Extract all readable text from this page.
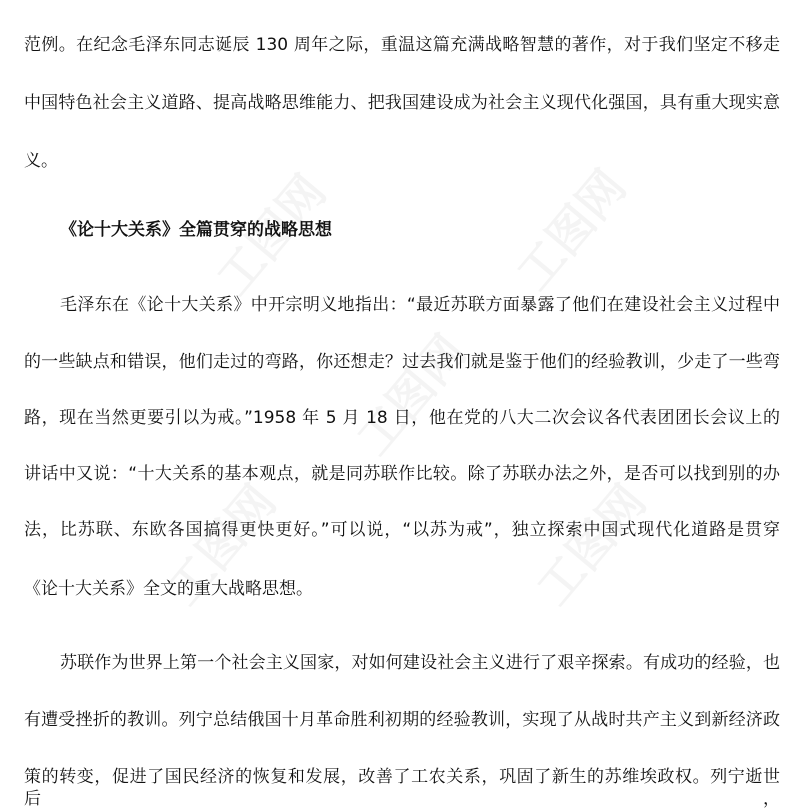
范例。在纪念毛泽东同志诞辰 130 周年之际，重温这篇充满战略智慧的著作，对于我们坚定不移走
中国特色社会主义道路、提高战略思维能力、把我国建设成为社会主义现代化强国，具有重大现实意
义。
《论十大关系》全篇贯穿的战略思想
毛泽东在《论十大关系》中开宗明义地指出：“最近苏联方面暴露了他们在建设社会主义过程中
的一些缺点和错误，他们走过的弯路，你还想走？过去我们就是鉴于他们的经验教训，少走了一些弯
路，现在当然更要引以为戒。”1958 年 5 月 18 日，他在党的八大二次会议各代表团团长会议上的
讲话中又说：“十大关系的基本观点，就是同苏联作比较。除了苏联办法之外，是否可以找到别的办
法，比苏联、东欧各国搞得更快更好。”可以说，“以苏为戒”，独立探索中国式现代化道路是贯穿
《论十大关系》全文的重大战略思想。
苏联作为世界上第一个社会主义国家，对如何建设社会主义进行了艰辛探索。有成功的经验，也
有遭受挫折的教训。列宁总结俄国十月革命胜利初期的经验教训，实现了从战时共产主义到新经济政
策的转变，促进了国民经济的恢复和发展，改善了工农关系，巩固了新生的苏维埃政权。列宁逝世后，
